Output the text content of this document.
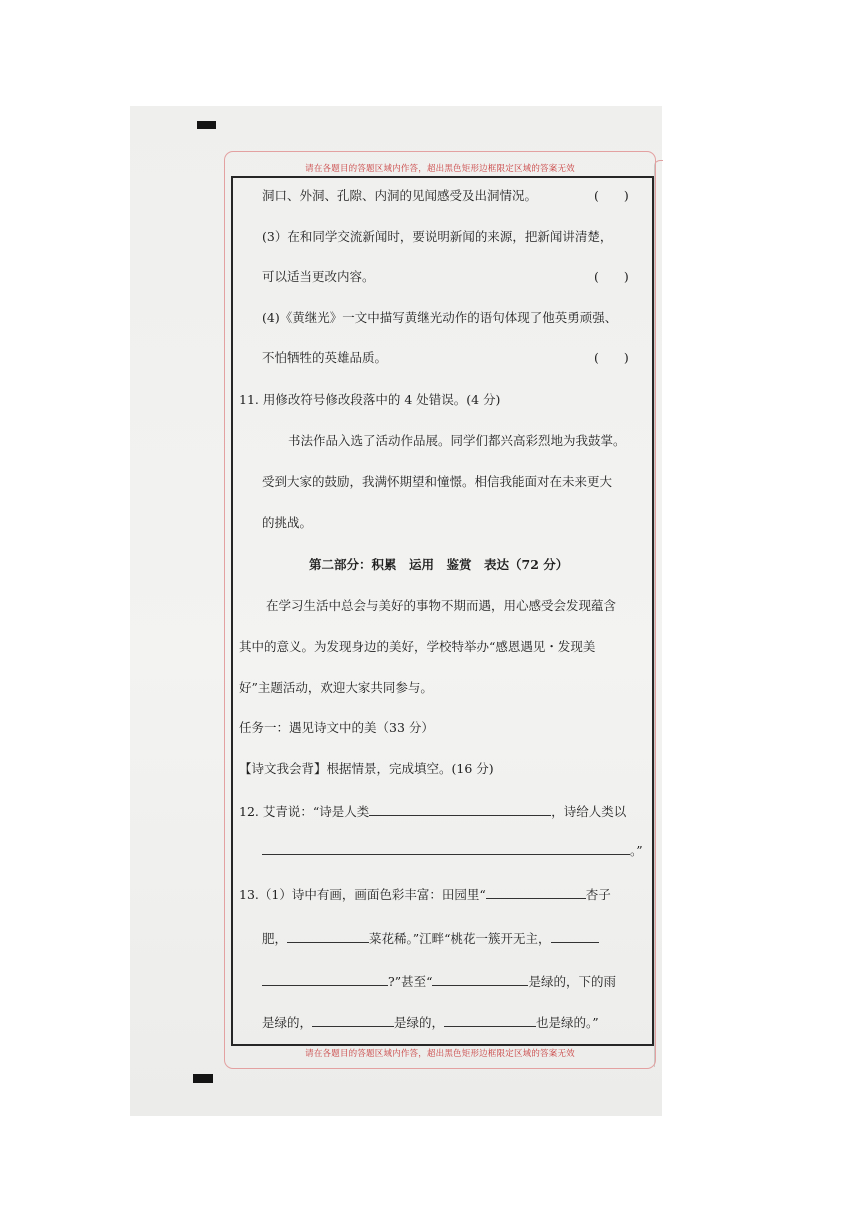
请在各题目的答题区域内作答，超出黑色矩形边框限定区域的答案无效
请在各题目的答题区域内作答，超出黑色矩形边框限定区域的答案无效
洞口、外洞、孔隙、内洞的见闻感受及出洞情况。	(　　)
(3）在和同学交流新闻时，要说明新闻的来源，把新闻讲清楚，
可以适当更改内容。	(　　)
(4)《黄继光》一文中描写黄继光动作的语句体现了他英勇顽强、
不怕牺牲的英雄品质。	(　　)
11. 用修改符号修改段落中的 4 处错误。(4 分)
书法作品入选了活动作品展。同学们都兴高彩烈地为我鼓掌。
受到大家的鼓励，我满怀期望和憧憬。相信我能面对在未来更大
的挑战。
第二部分：积累　运用　鉴赏　表达（72 分）
在学习生活中总会与美好的事物不期而遇，用心感受会发现蕴含
其中的意义。为发现身边的美好，学校特举办“感恩遇见・发现美
好”主题活动，欢迎大家共同参与。
任务一：遇见诗文中的美（33 分）
【诗文我会背】根据情景，完成填空。(16 分)
12. 艾青说：“诗是人类	，诗给人类以
。”
13.（1）诗中有画，画面色彩丰富：田园里“	杏子
肥，	菜花稀。”江畔“桃花一簇开无主，
?”甚至“	是绿的，下的雨
是绿的，	是绿的，	也是绿的。”
